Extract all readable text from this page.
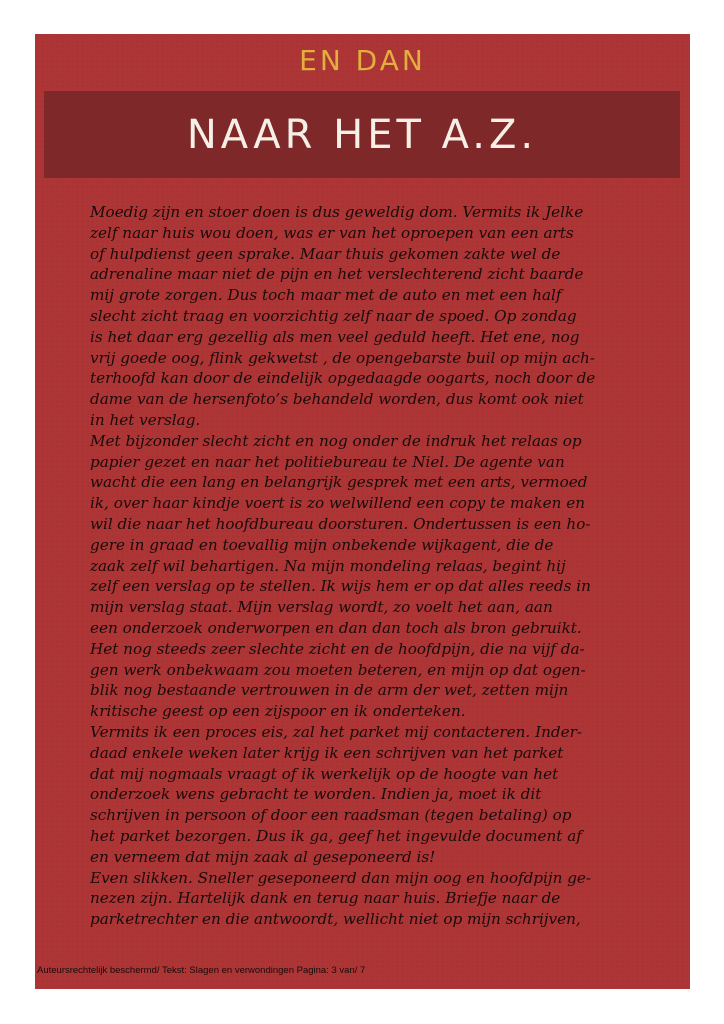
EN DAN
NAAR HET A.Z.
Moedig zijn en stoer doen is dus geweldig dom. Vermits ik Jelke
zelf naar huis wou doen, was er van het oproepen van een arts
of hulpdienst geen sprake. Maar thuis gekomen zakte wel de
adrenaline maar niet de pijn en het verslechterend zicht baarde
mij grote zorgen. Dus toch maar met de auto en met een half
slecht zicht traag en voorzichtig zelf naar de spoed. Op zondag
is het daar erg gezellig als men veel geduld heeft. Het ene, nog
vrij goede oog, flink gekwetst , de opengebarste buil op mijn ach-
terhoofd kan door de eindelijk opgedaagde oogarts, noch door de
dame van de hersenfoto’s behandeld worden, dus komt ook niet
in het verslag.
Met bijzonder slecht zicht en nog onder de indruk het relaas op
papier gezet en naar het politiebureau te Niel. De agente van
wacht die een lang en belangrijk gesprek met een arts, vermoed
ik, over haar kindje voert is zo welwillend een copy te maken en
wil die naar het hoofdbureau doorsturen. Ondertussen is een ho-
gere in graad en toevallig mijn onbekende wijkagent, die de
zaak zelf wil behartigen. Na mijn mondeling relaas, begint hij
zelf een verslag op te stellen. Ik wijs hem er op dat alles reeds in
mijn verslag staat. Mijn verslag wordt, zo voelt het aan, aan
een onderzoek onderworpen en dan dan toch als bron gebruikt.
Het nog steeds zeer slechte zicht en de hoofdpijn, die na vijf da-
gen werk onbekwaam zou moeten beteren, en mijn op dat ogen-
blik nog bestaande vertrouwen in de arm der wet, zetten mijn
kritische geest op een zijspoor en ik onderteken.
Vermits ik een proces eis, zal het parket mij contacteren. Inder-
daad enkele weken later krijg ik een schrijven van het parket
dat mij nogmaals vraagt of ik werkelijk op de hoogte van het
onderzoek wens gebracht te worden. Indien ja, moet ik dit
schrijven in persoon of door een raadsman (tegen betaling) op
het parket bezorgen. Dus ik ga, geef het ingevulde document af
en verneem dat mijn zaak al geseponeerd is!
Even slikken. Sneller geseponeerd dan mijn oog en hoofdpijn ge-
nezen zijn. Hartelijk dank en terug naar huis. Briefje naar de
parketrechter en die antwoordt, wellicht niet op mijn schrijven,
Auteursrechtelijk beschermd/ Tekst: Slagen en verwondingen Pagina: 3 van/ 7
